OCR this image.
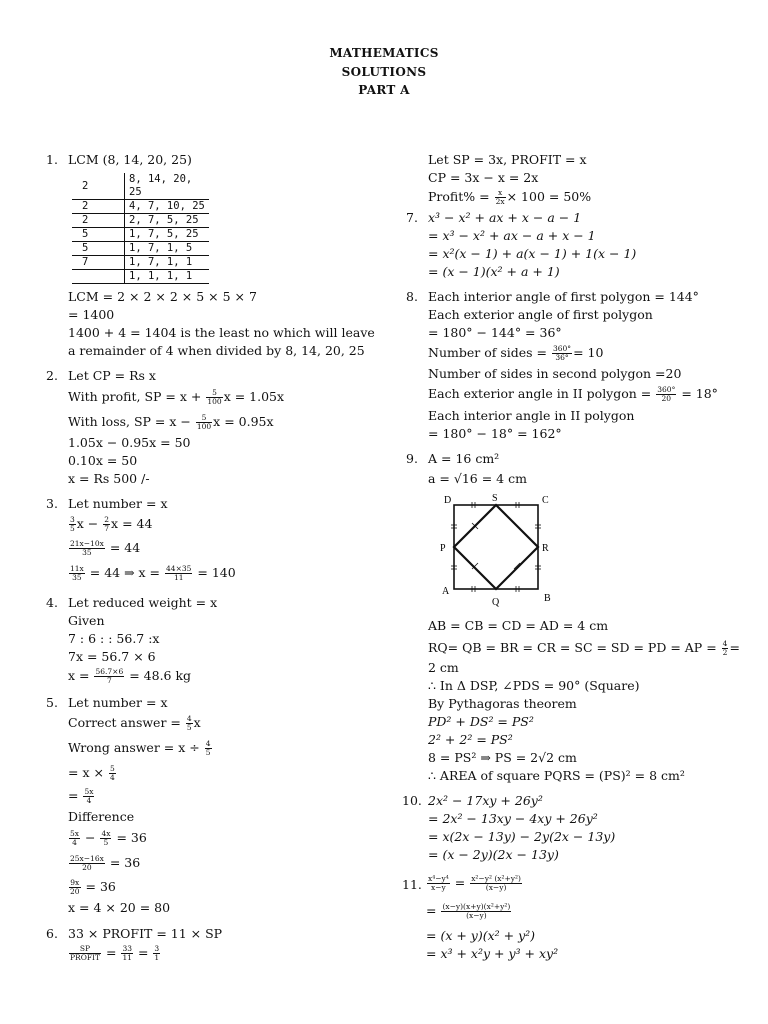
MATHEMATICS
SOLUTIONS
PART A
1. LCM (8, 14, 20, 25)
2	8, 14, 20, 25
2	4, 7, 10, 25
2	2, 7, 5, 25
5	1, 7, 5, 25
5	1, 7, 1, 5
7	1, 7, 1, 1
	1, 1, 1, 1
LCM = 2 × 2 × 2 × 5 × 5 × 7
= 1400
1400 + 4 = 1404 is the least no which will leave
a remainder of 4 when divided by 8, 14, 20, 25
2. Let CP = Rs x
With profit, SP = $x + \frac{5}{100}$ x = 1.05x
With loss, SP = $x - \frac{5}{100}$ x = 0.95x
1.05x − 0.95x = 50
0.10x = 50
x = Rs 500 /-
3. Let number = x
$\frac{3}{5}$ $x - \frac{2}{7}$ x = 44
$\frac{21x-10x}{35} = 44$
$\frac{11x}{35} = 44$ ⇒ $x = \frac{44\times 35}{11} = 140$
4. Let reduced weight = x
Given
7 : 6 : : 56.7 :x
7x = 56.7 × 6
$x = \frac{56.7\times 6}{7} = 48.6$ kg
5. Let number = x
Correct answer = $\frac{4}{5}$ x
Wrong answer = $x \div \frac{4}{5}$
= $x \times \frac{5}{4}$
= $\frac{5x}{4}$
Difference
$\frac{5x}{4} - \frac{4x}{5} = 36$
$\frac{25x-16x}{20} = 36$
$\frac{9x}{20} = 36$
x = 4 × 20 = 80
6. 33 × PROFIT = 11 × SP
$\frac{SP}{\text{PROFIT}} = \frac{33}{11} = \frac{3}{1}$
Let SP = 3x, PROFIT = x
CP = 3x − x = 2x
Profit% = $\frac{x}{2x} \times 100 = 50\%$
7. x³ − x² + ax + x − a − 1
= x³ − x² + ax − a + x − 1
= x²(x − 1) + a(x − 1) + 1(x − 1)
= (x − 1)(x² + a + 1)
8. Each interior angle of first polygon = 144°
Each exterior angle of first polygon
= 180° − 144° = 36°
Number of sides = $\frac{360^\circ}{36^\circ} = 10$
Number of sides in second polygon =20
Each exterior angle in II polygon = $\frac{360^\circ}{20} = 18^\circ$
Each interior angle in II polygon
= 180° − 18° = 162°
9. A = 16 cm²
a = √16 = 4 cm
D	S	C
P	R
A
Q	B
AB = CB = CD = AD = 4 cm
RQ= QB = BR = CR = SC = SD = PD = AP = $\frac{4}{2}$ =
2 cm
∴ In Δ DSP, ∠PDS = 90° (Square)
By Pythagoras theorem
PD² + DS² = PS²
2² + 2² = PS²
8 = PS² ⇒ PS = 2√2 cm
∴ AREA of square PQRS = (PS)² = 8 cm²
10. 2x² − 17xy + 26y²
= 2x² − 13xy − 4xy + 26y²
= x(2x − 13y) − 2y(2x − 13y)
= (x − 2y)(2x − 13y)
11. $\frac{\text{x⁴−y⁴}}{x-y} = \frac{\text{x²−y² (x²+y²)}}{(x-y)}$
= $\frac{\text{(x−y)(x+y)(x²+y²)}}{(x-y)}$
= (x + y)(x² + y²)
= x³ + x²y + y³ + xy²
